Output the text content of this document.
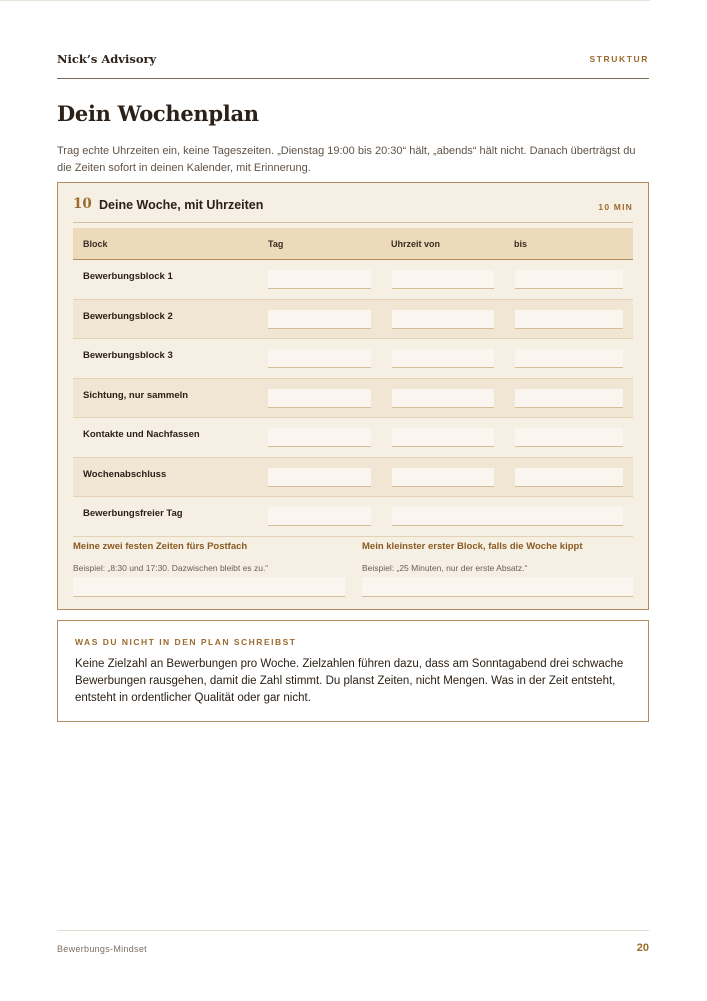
Nick’s Advisory	STRUKTUR
Dein Wochenplan

Trag echte Uhrzeiten ein, keine Tageszeiten. „Dienstag 19:00 bis 20:30“ hält, „abends“ hält nicht. Danach überträgst du die Zeiten sofort in deinen Kalender, mit Erinnerung.

10 Deine Woche, mit Uhrzeiten	10 MIN
Block	Tag	Uhrzeit von	bis
Bewerbungsblock 1
Bewerbungsblock 2
Bewerbungsblock 3
Sichtung, nur sammeln
Kontakte und Nachfassen
Wochenabschluss
Bewerbungsfreier Tag
Meine zwei festen Zeiten fürs Postfach
Beispiel: „8:30 und 17:30. Dazwischen bleibt es zu.“
Mein kleinster erster Block, falls die Woche kippt
Beispiel: „25 Minuten, nur der erste Absatz.“
WAS DU NICHT IN DEN PLAN SCHREIBST

Keine Zielzahl an Bewerbungen pro Woche. Zielzahlen führen dazu, dass am Sonntagabend drei schwache Bewerbungen rausgehen, damit die Zahl stimmt. Du planst Zeiten, nicht Mengen. Was in der Zeit entsteht, entsteht in ordentlicher Qualität oder gar nicht.

Bewerbungs-Mindset	20
